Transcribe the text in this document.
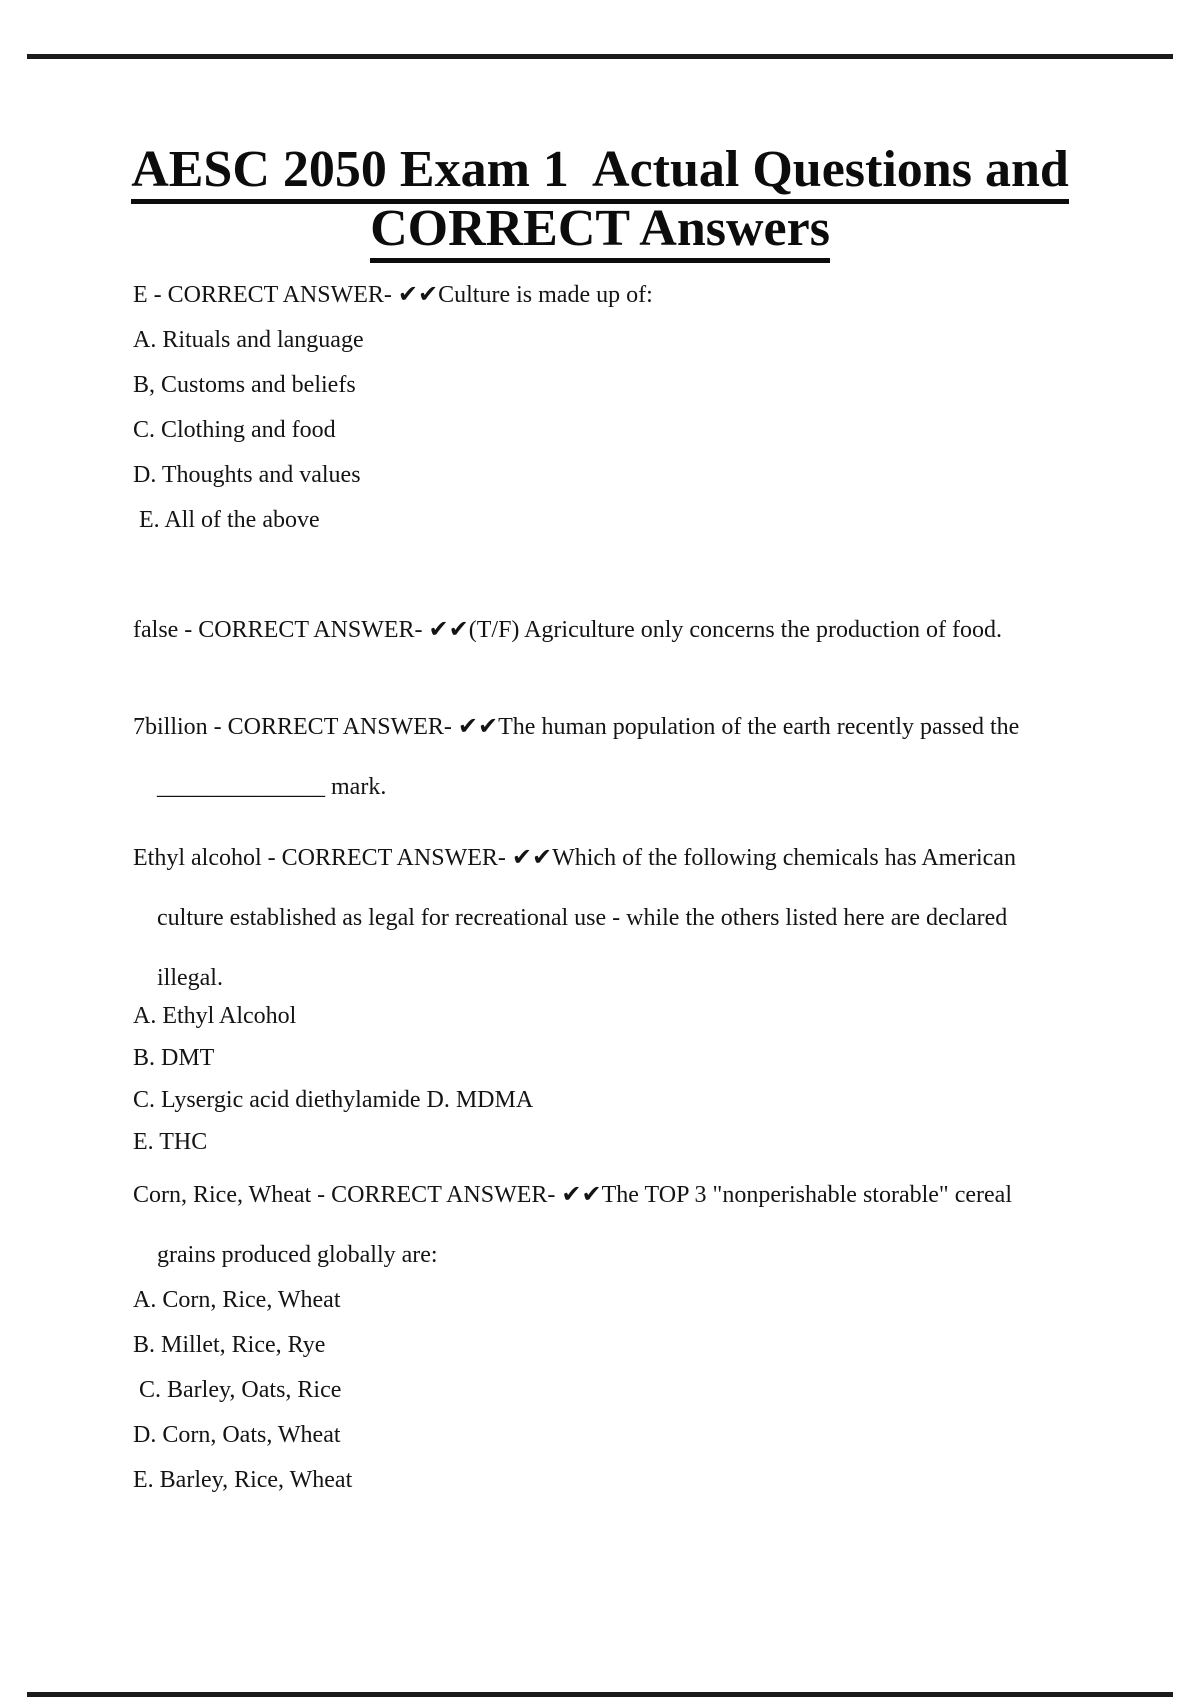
AESC 2050 Exam 1  Actual Questions and
CORRECT Answers

E - CORRECT ANSWER- ✔✔Culture is made up of:

A. Rituals and language

B, Customs and beliefs

C. Clothing and food

D. Thoughts and values

E. All of the above

false - CORRECT ANSWER- ✔✔(T/F) Agriculture only concerns the production of food.

7billion - CORRECT ANSWER- ✔✔The human population of the earth recently passed the

______________ mark.

Ethyl alcohol - CORRECT ANSWER- ✔✔Which of the following chemicals has American

culture established as legal for recreational use - while the others listed here are declared

illegal.

A. Ethyl Alcohol

B. DMT

C. Lysergic acid diethylamide D. MDMA

E. THC

Corn, Rice, Wheat - CORRECT ANSWER- ✔✔The TOP 3 "nonperishable storable" cereal

grains produced globally are:

A. Corn, Rice, Wheat

B. Millet, Rice, Rye

C. Barley, Oats, Rice

D. Corn, Oats, Wheat

E. Barley, Rice, Wheat
